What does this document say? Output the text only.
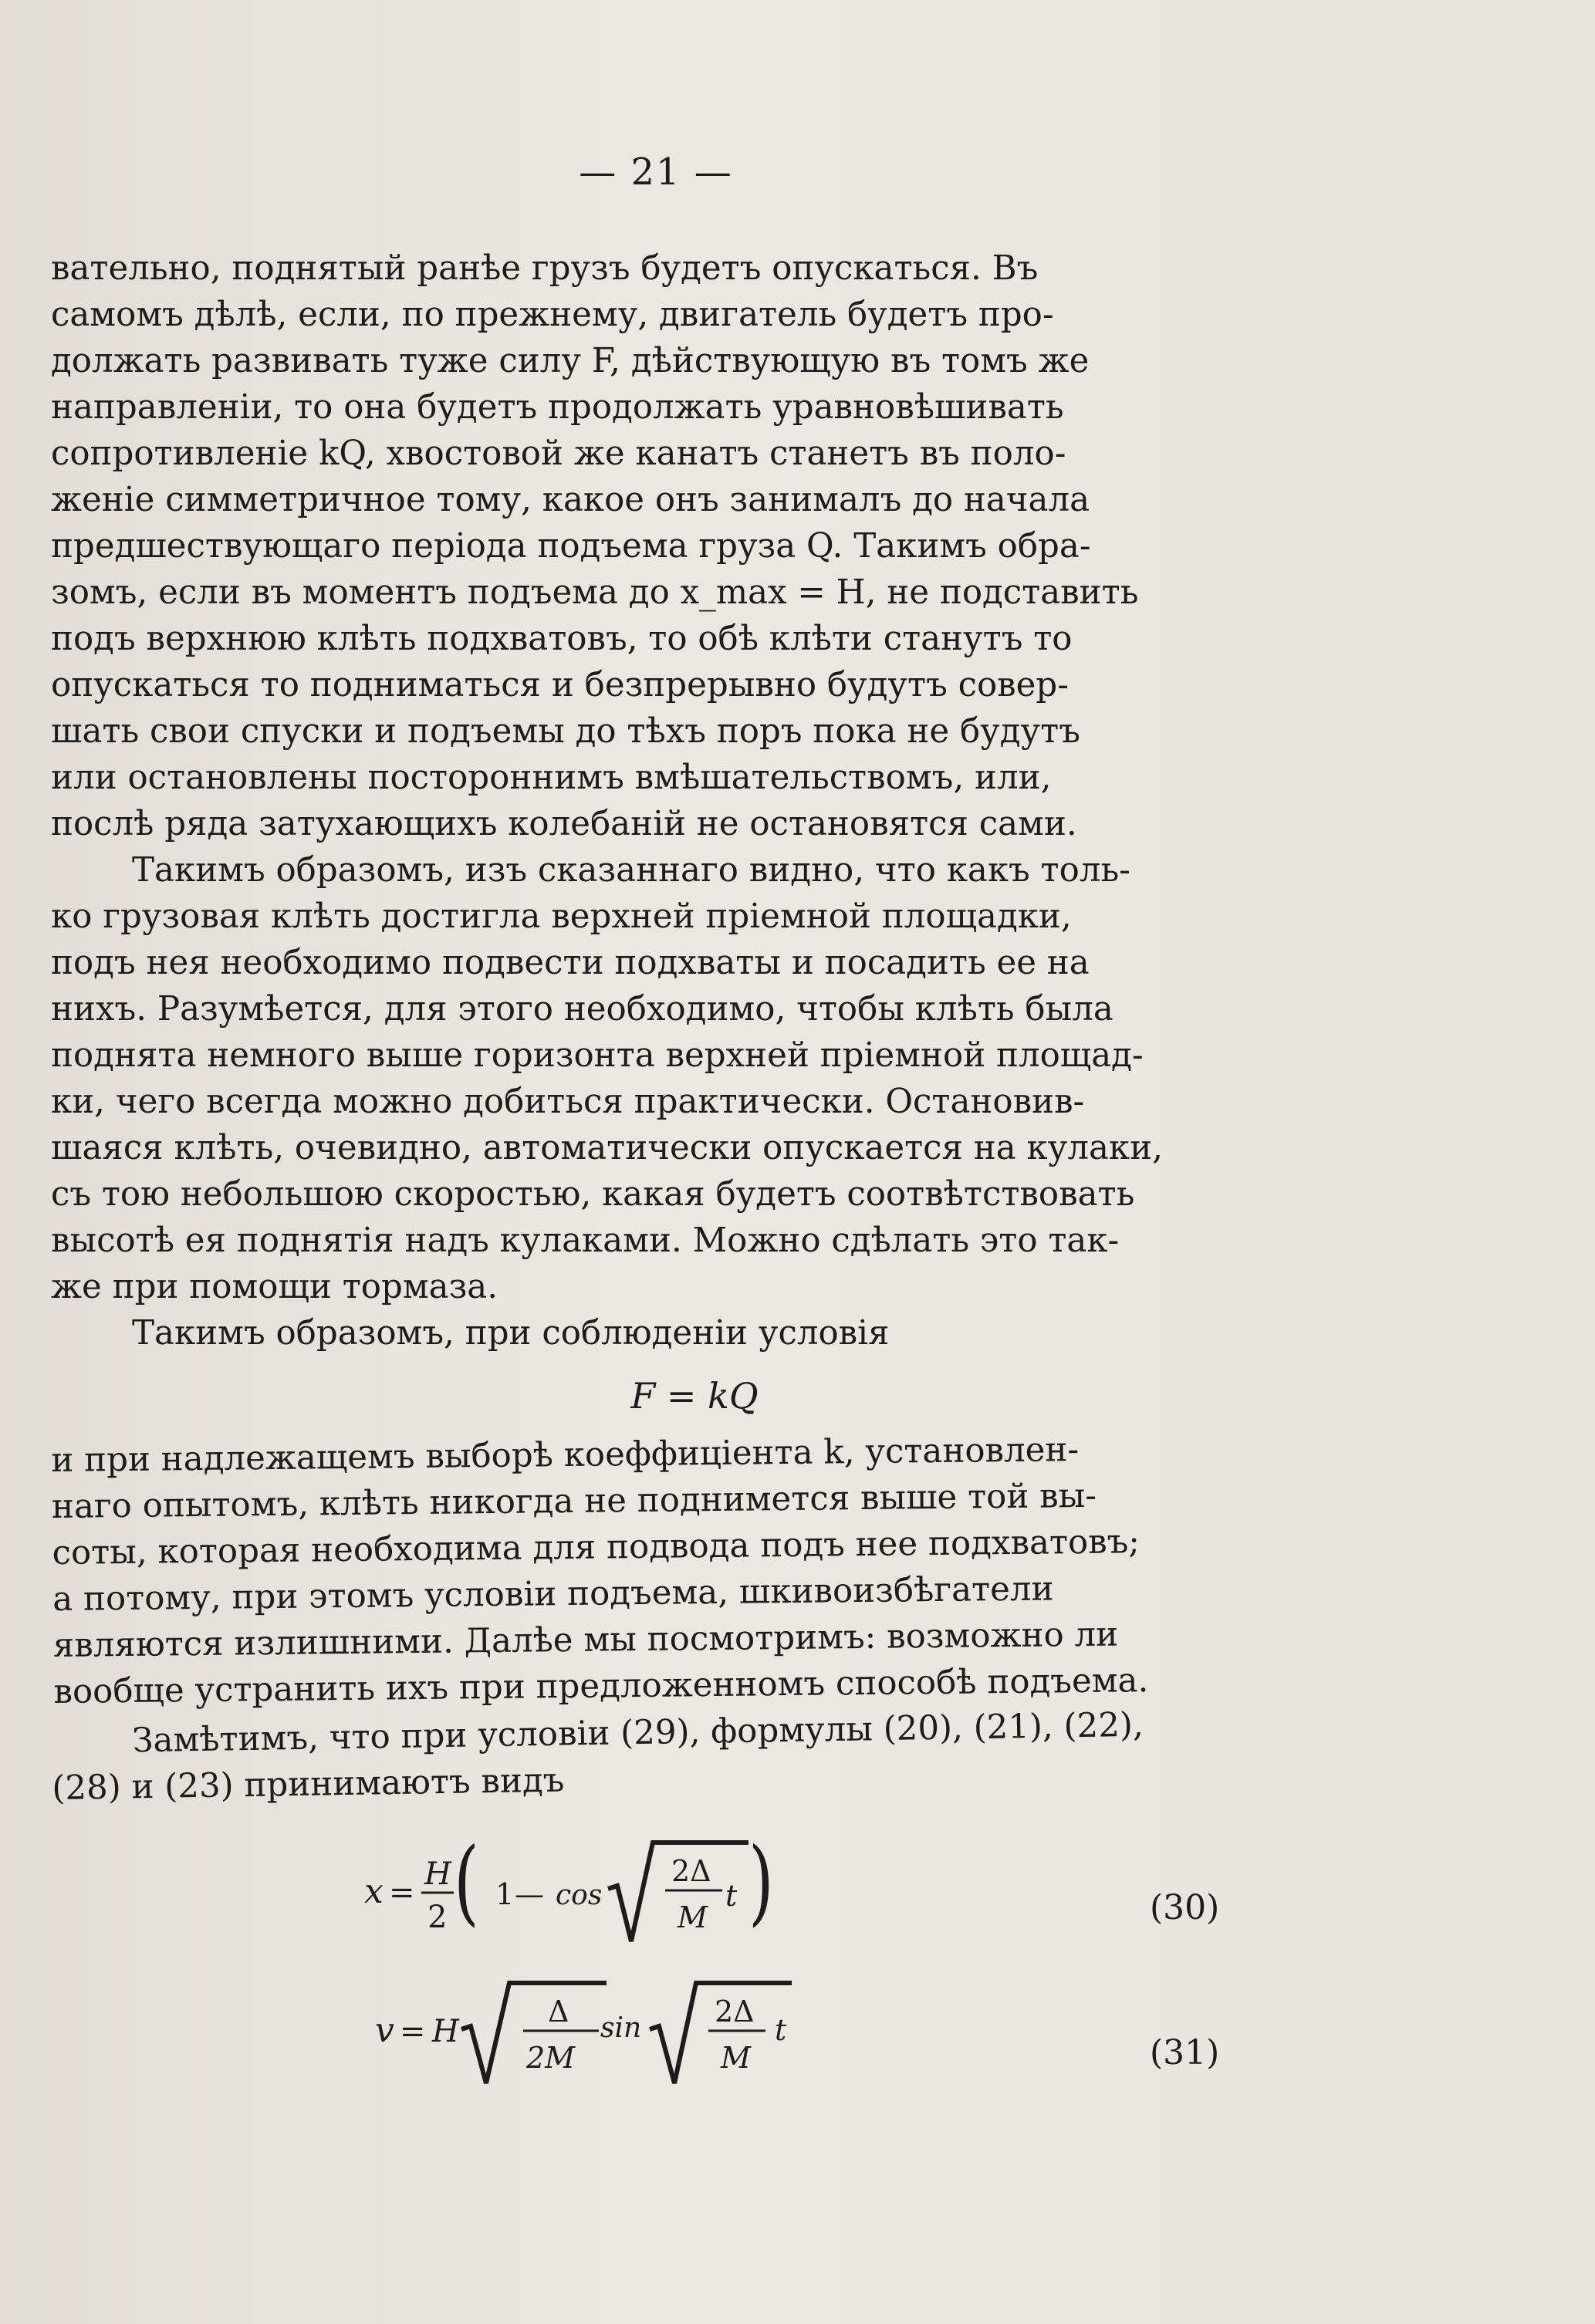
— 21 —
вательно, поднятый ранѣе грузъ будетъ опускаться. Въ
самомъ дѣлѣ, если, по прежнему, двигатель будетъ про-
должать развивать туже силу F, дѣйствующую въ томъ же
направленіи, то она будетъ продолжать уравновѣшивать
сопротивленіе kQ, хвостовой же канатъ станетъ въ поло-
женіе симметричное тому, какое онъ занималъ до начала
предшествующаго періода подъема груза Q. Такимъ обра-
зомъ, если въ моментъ подъема до x_max = H, не подставить
подъ верхнюю клѣть подхватовъ, то обѣ клѣти станутъ то
опускаться то подниматься и безпрерывно будутъ совер-
шать свои спуски и подъемы до тѣхъ поръ пока не будутъ
или остановлены постороннимъ вмѣшательствомъ, или,
послѣ ряда затухающихъ колебаній не остановятся сами.
Такимъ образомъ, изъ сказаннаго видно, что какъ толь-
ко грузовая клѣть достигла верхней пріемной площадки,
подъ нея необходимо подвести подхваты и посадить ее на
нихъ. Разумѣется, для этого необходимо, чтобы клѣть была
поднята немного выше горизонта верхней пріемной площад-
ки, чего всегда можно добиться практически. Остановив-
шаяся клѣть, очевидно, автоматически опускается на кулаки,
съ тою небольшою скоростью, какая будетъ соотвѣтствовать
высотѣ ея поднятія надъ кулаками. Можно сдѣлать это так-
же при помощи тормаза.
Такимъ образомъ, при соблюденіи условія
F = kQ
и при надлежащемъ выборѣ коеффиціента k, установлен-
наго опытомъ, клѣть никогда не поднимется выше той вы-
соты, которая необходима для подвода подъ нее подхватовъ;
а потому, при этомъ условіи подъема, шкивоизбѣгатели
являются излишними. Далѣе мы посмотримъ: возможно ли
вообще устранить ихъ при предложенномъ способѣ подъема.
Замѣтимъ, что при условіи (29), формулы (20), (21), (22),
(28) и (23) принимаютъ видъ
x =
H
2 ( 1 — cos
2Δ
M
t )	(30)
v = H
Δ
2M
sin 2Δ
M
t
(31)
